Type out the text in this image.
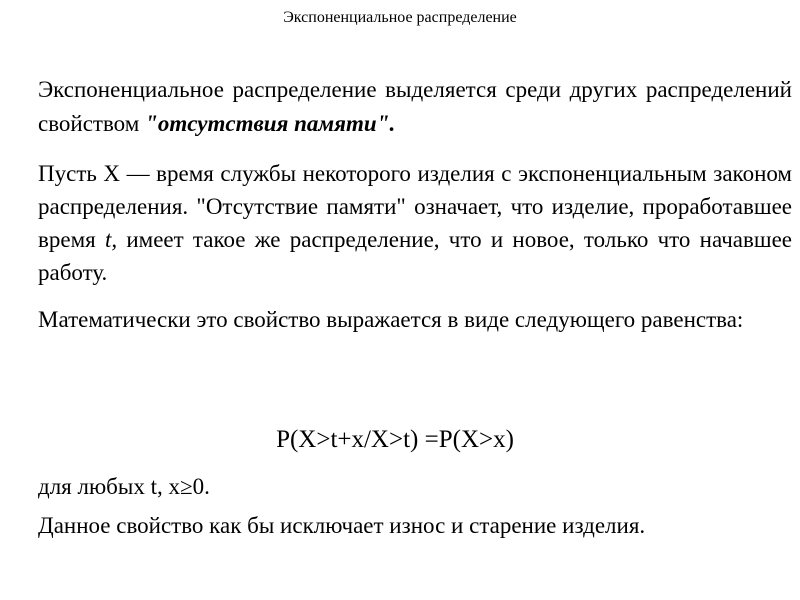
Экспоненциальное распределение

Экспоненциальное распределение выделяется среди других распределений свойством "отсутствия памяти".

Пусть X — время службы некоторого изделия с экспоненциальным законом распределения. "Отсутствие памяти" означает, что изделие, проработавшее время t, имеет такое же распределение, что и новое, только что начавшее работу.

Математически это свойство выражается в виде следующего равенства:

P(X>t+x/X>t) =P(X>x)

для любых t, x≥0.

Данное свойство как бы исключает износ и старение изделия.
